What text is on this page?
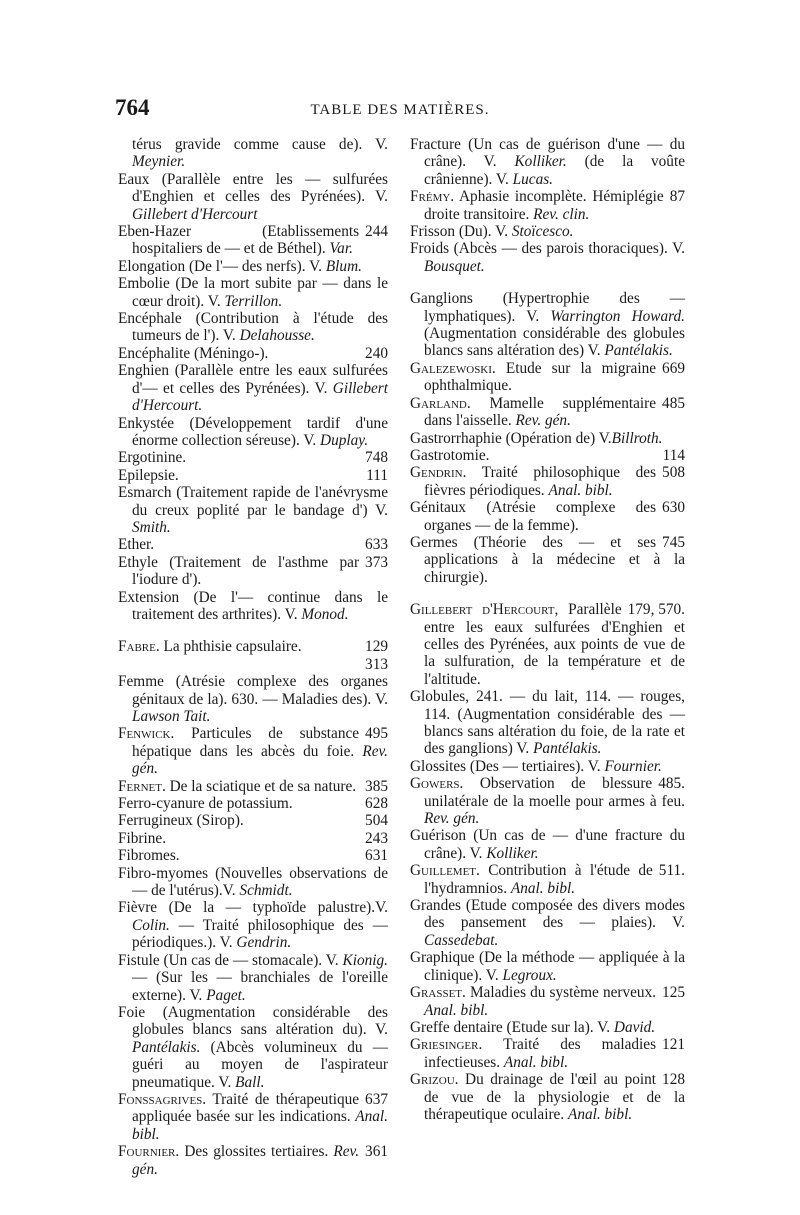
764	TABLE DES MATIÈRES.

térus gravide comme cause de). V. Meynier.

Eaux (Parallèle entre les — sulfurées d'Enghien et celles des Pyrénées). V. Gillebert d'Hercourt

244
Eben-Hazer (Etablissements hospitaliers de — et de Béthel). Var.

Elongation (De l'— des nerfs). V. Blum.

Embolie (De la mort subite par — dans le cœur droit). V. Terrillon.

Encéphale (Contribution à l'étude des tumeurs de l'). V. Delahousse.

240
Encéphalite (Méningo-).

Enghien (Parallèle entre les eaux sulfurées d'— et celles des Pyrénées). V. Gillebert d'Hercourt.

Enkystée (Développement tardif d'une énorme collection séreuse). V. Duplay.

748
Ergotinine.

111
Epilepsie.

Esmarch (Traitement rapide de l'anévrysme du creux poplité par le bandage d') V. Smith.

633
Ether.

373
Ethyle (Traitement de l'asthme par l'iodure d').

Extension (De l'— continue dans le traitement des arthrites). V. Monod.

Fabre. La phthisie capsulaire.	129
313

Femme (Atrésie complexe des organes génitaux de la). 630. — Maladies des). V. Lawson Tait.

495
Fenwick. Particules de substance hépatique dans les abcès du foie. Rev. gén.

385
Fernet. De la sciatique et de sa nature.

628
Ferro-cyanure de potassium.

504
Ferrugineux (Sirop).

243
Fibrine.

631
Fibromes.

Fibro-myomes (Nouvelles observations de — de l'utérus).V. Schmidt.

Fièvre (De la — typhoïde palustre).V. Colin. — Traité philosophique des — périodiques.). V. Gendrin.

Fistule (Un cas de — stomacale). V. Kionig. — (Sur les — branchiales de l'oreille externe). V. Paget.

Foie (Augmentation considérable des globules blancs sans altération du). V. Pantélakis. (Abcès volumineux du — guéri au moyen de l'aspirateur pneumatique. V. Ball.

637
Fonssagrives. Traité de thérapeutique appliquée basée sur les indications. Anal. bibl.

361
Fournier. Des glossites tertiaires. Rev. gén.

Fracture (Un cas de guérison d'une — du crâne). V. Kolliker. (de la voûte crânienne). V. Lucas.

87
Frémy. Aphasie incomplète. Hémiplégie droite transitoire. Rev. clin.

Frisson (Du). V. Stoïcesco.

Froids (Abcès — des parois thoraciques). V. Bousquet.

Ganglions (Hypertrophie des — lymphatiques). V. Warrington Howard. (Augmentation considérable des globules blancs sans altération des) V. Pantélakis.

669
Galezewoski. Etude sur la migraine ophthalmique.

485
Garland. Mamelle supplémentaire dans l'aisselle. Rev. gén.

Gastrorrhaphie (Opération de) V.Billroth.

114
Gastrotomie.

508
Gendrin. Traité philosophique des fièvres périodiques. Anal. bibl.

630
Génitaux (Atrésie complexe des organes — de la femme).

745
Germes (Théorie des — et ses applications à la médecine et à la chirurgie).

179, 570.
Gillebert d'Hercourt, Parallèle entre les eaux sulfurées d'Enghien et celles des Pyrénées, aux points de vue de la sulfuration, de la température et de l'altitude.

Globules, 241. — du lait, 114. — rouges, 114. (Augmentation considérable des — blancs sans altération du foie, de la rate et des ganglions) V. Pantélakis.

Glossites (Des — tertiaires). V. Fournier.

485.
Gowers. Observation de blessure unilatérale de la moelle pour armes à feu. Rev. gén.

Guérison (Un cas de — d'une fracture du crâne). V. Kolliker.

511.
Guillemet. Contribution à l'étude de l'hydramnios. Anal. bibl.

Grandes (Etude composée des divers modes des pansement des — plaies). V. Cassedebat.

Graphique (De la méthode — appliquée à la clinique). V. Legroux.

125
Grasset. Maladies du système nerveux. Anal. bibl.

Greffe dentaire (Etude sur la). V. David.

121
Griesinger. Traité des maladies infectieuses. Anal. bibl.

128
Grizou. Du drainage de l'œil au point de vue de la physiologie et de la thérapeutique oculaire. Anal. bibl.
